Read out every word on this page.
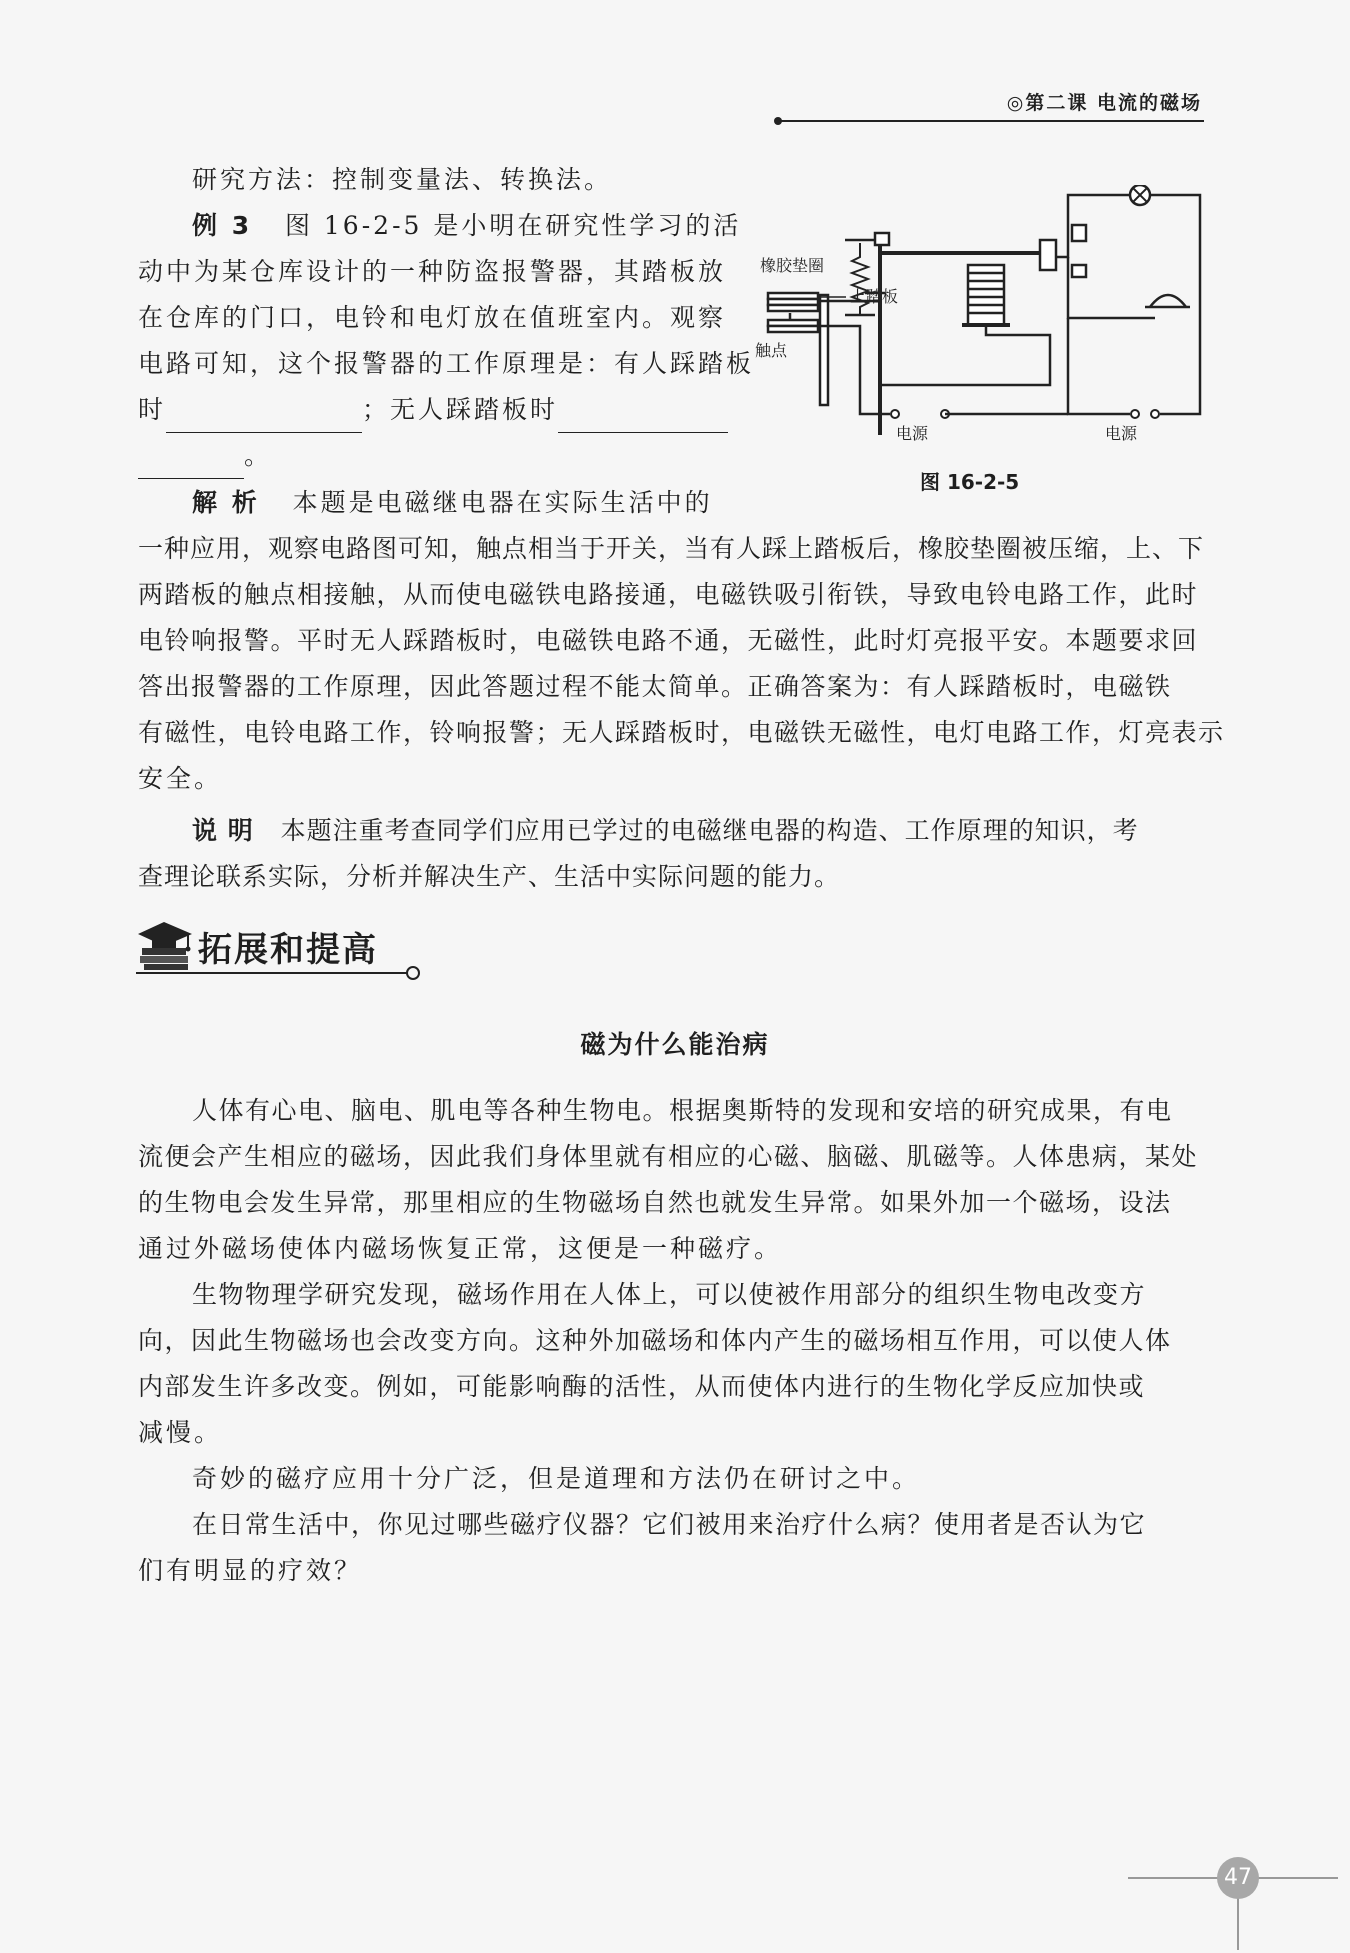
◎第二课 电流的磁场
研究方法：控制变量法、转换法。
例 3 图 16-2-5 是小明在研究性学习的活
动中为某仓库设计的一种防盗报警器，其踏板放
在仓库的门口，电铃和电灯放在值班室内。观察
电路可知，这个报警器的工作原理是：有人踩踏板
时	；无人踩踏板时
。
橡胶垫圈
上踏板
触点
电源	电源
图 16-2-5
解 析 本题是电磁继电器在实际生活中的
一种应用，观察电路图可知，触点相当于开关，当有人踩上踏板后，橡胶垫圈被压缩，上、下
两踏板的触点相接触，从而使电磁铁电路接通，电磁铁吸引衔铁，导致电铃电路工作，此时
电铃响报警。平时无人踩踏板时，电磁铁电路不通，无磁性，此时灯亮报平安。本题要求回
答出报警器的工作原理，因此答题过程不能太简单。正确答案为：有人踩踏板时，电磁铁
有磁性，电铃电路工作，铃响报警；无人踩踏板时，电磁铁无磁性，电灯电路工作，灯亮表示
安全。
说 明 本题注重考查同学们应用已学过的电磁继电器的构造、工作原理的知识，考
查理论联系实际，分析并解决生产、生活中实际问题的能力。
拓展和提高
磁为什么能治病
人体有心电、脑电、肌电等各种生物电。根据奥斯特的发现和安培的研究成果，有电
流便会产生相应的磁场，因此我们身体里就有相应的心磁、脑磁、肌磁等。人体患病，某处
的生物电会发生异常，那里相应的生物磁场自然也就发生异常。如果外加一个磁场，设法
通过外磁场使体内磁场恢复正常，这便是一种磁疗。
生物物理学研究发现，磁场作用在人体上，可以使被作用部分的组织生物电改变方
向，因此生物磁场也会改变方向。这种外加磁场和体内产生的磁场相互作用，可以使人体
内部发生许多改变。例如，可能影响酶的活性，从而使体内进行的生物化学反应加快或
减慢。
奇妙的磁疗应用十分广泛，但是道理和方法仍在研讨之中。
在日常生活中，你见过哪些磁疗仪器？它们被用来治疗什么病？使用者是否认为它
们有明显的疗效？
47
